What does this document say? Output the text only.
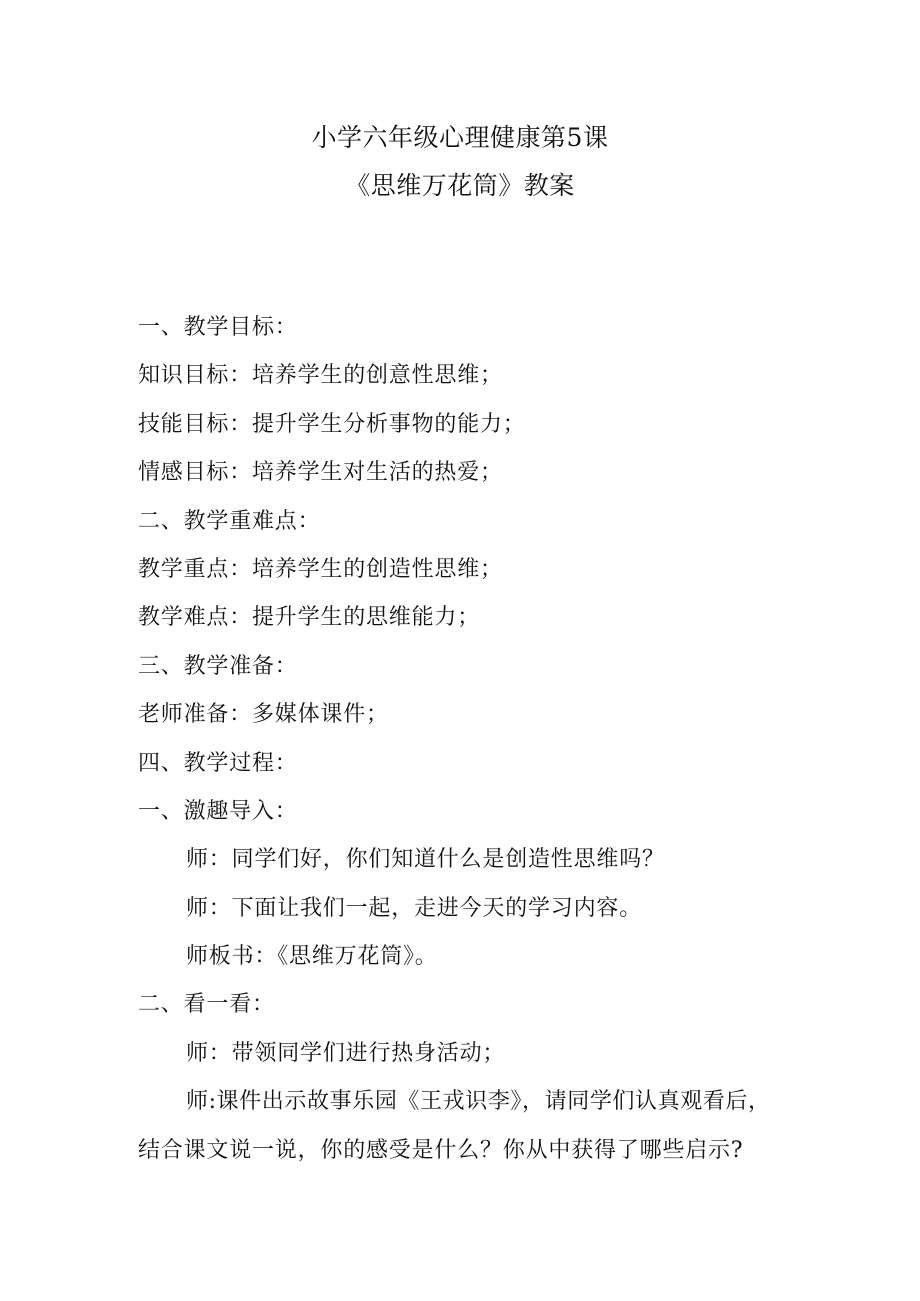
小学六年级心理健康第5课
《思维万花筒》教案
一、教学目标：
知识目标：培养学生的创意性思维；
技能目标：提升学生分析事物的能力；
情感目标：培养学生对生活的热爱；
二、教学重难点：
教学重点：培养学生的创造性思维；
教学难点：提升学生的思维能力；
三、教学准备：
老师准备：多媒体课件；
四、教学过程：
一、激趣导入：
师：同学们好，你们知道什么是创造性思维吗？
师：下面让我们一起，走进今天的学习内容。
师板书：《思维万花筒》。
二、看一看：
师：带领同学们进行热身活动；
师:课件出示故事乐园《王戎识李》，请同学们认真观看后，
结合课文说一说，你的感受是什么？你从中获得了哪些启示?
